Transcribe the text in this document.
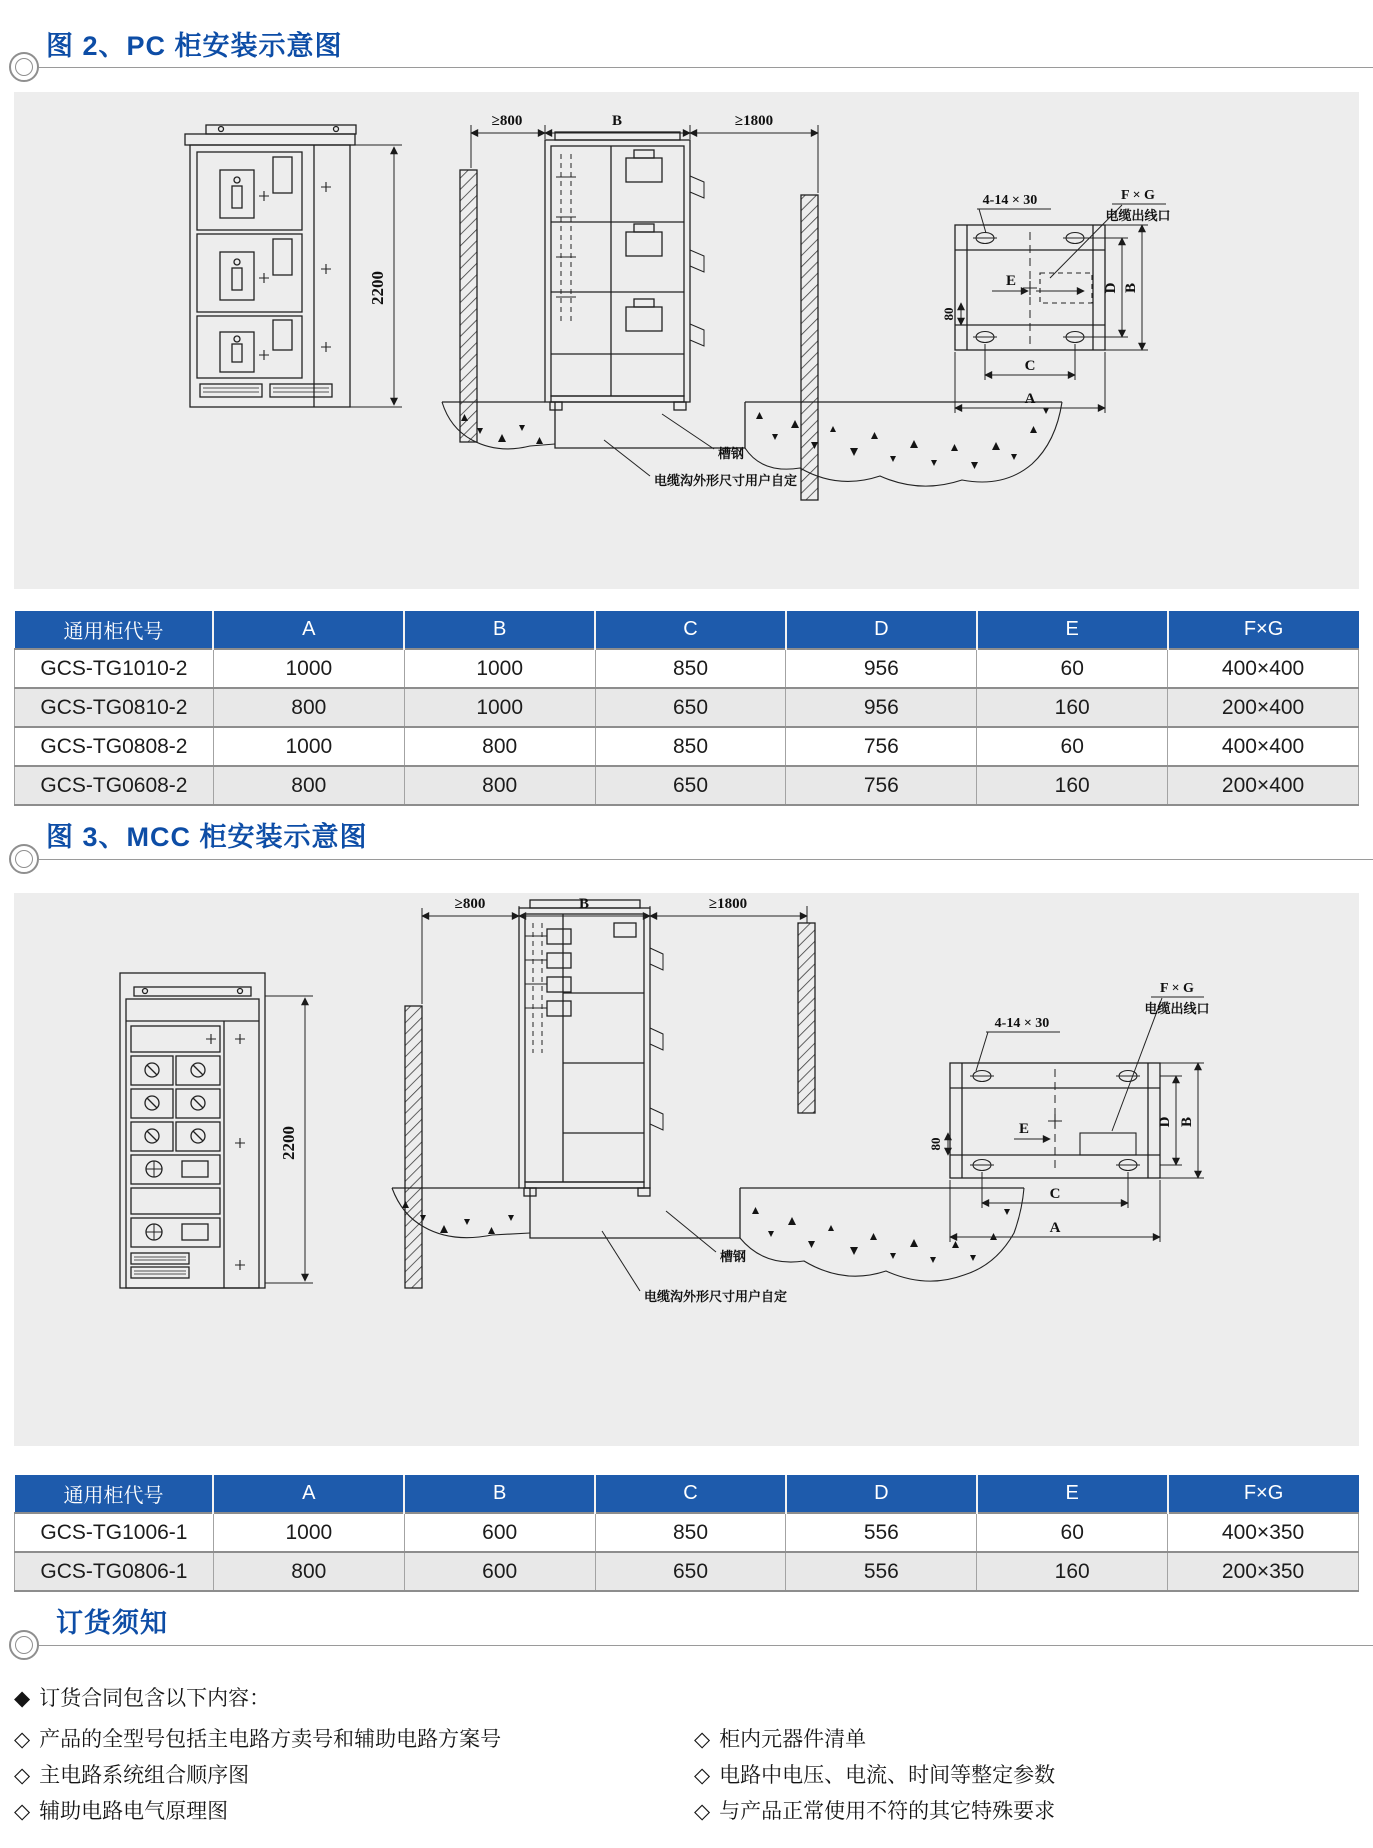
图 2、PC 柜安装示意图
2200
槽钢
电缆沟外形尺寸用户自定
4-14 × 30	F × G
电缆出线口
E
80
D B
C
A
≥800	B	≥1800
通用柜代号	A	B	C	D	E	F×G
GCS-TG1010-2	1000	1000	850	956	60	400×400
GCS-TG0810-2	800	1000	650	956	160	200×400
GCS-TG0808-2	1000	800	850	756	60	400×400
GCS-TG0608-2	800	800	650	756	160	200×400
图 3、MCC 柜安装示意图
2200
槽钢
电缆沟外形尺寸用户自定
4-14 × 30
F × G
电缆出线口
E
80
D B
C
A
≥800	B	≥1800
通用柜代号	A	B	C	D	E	F×G
GCS-TG1006-1	1000	600	850	556	60	400×350
GCS-TG0806-1	800	600	650	556	160	200×350
订货须知
◆ 订货合同包含以下内容：
◇ 产品的全型号包括主电路方卖号和辅助电路方案号
◇ 主电路系统组合顺序图
◇ 辅助电路电气原理图
◇ 柜内元器件清单
◇ 电路中电压、电流、时间等整定参数
◇ 与产品正常使用不符的其它特殊要求
